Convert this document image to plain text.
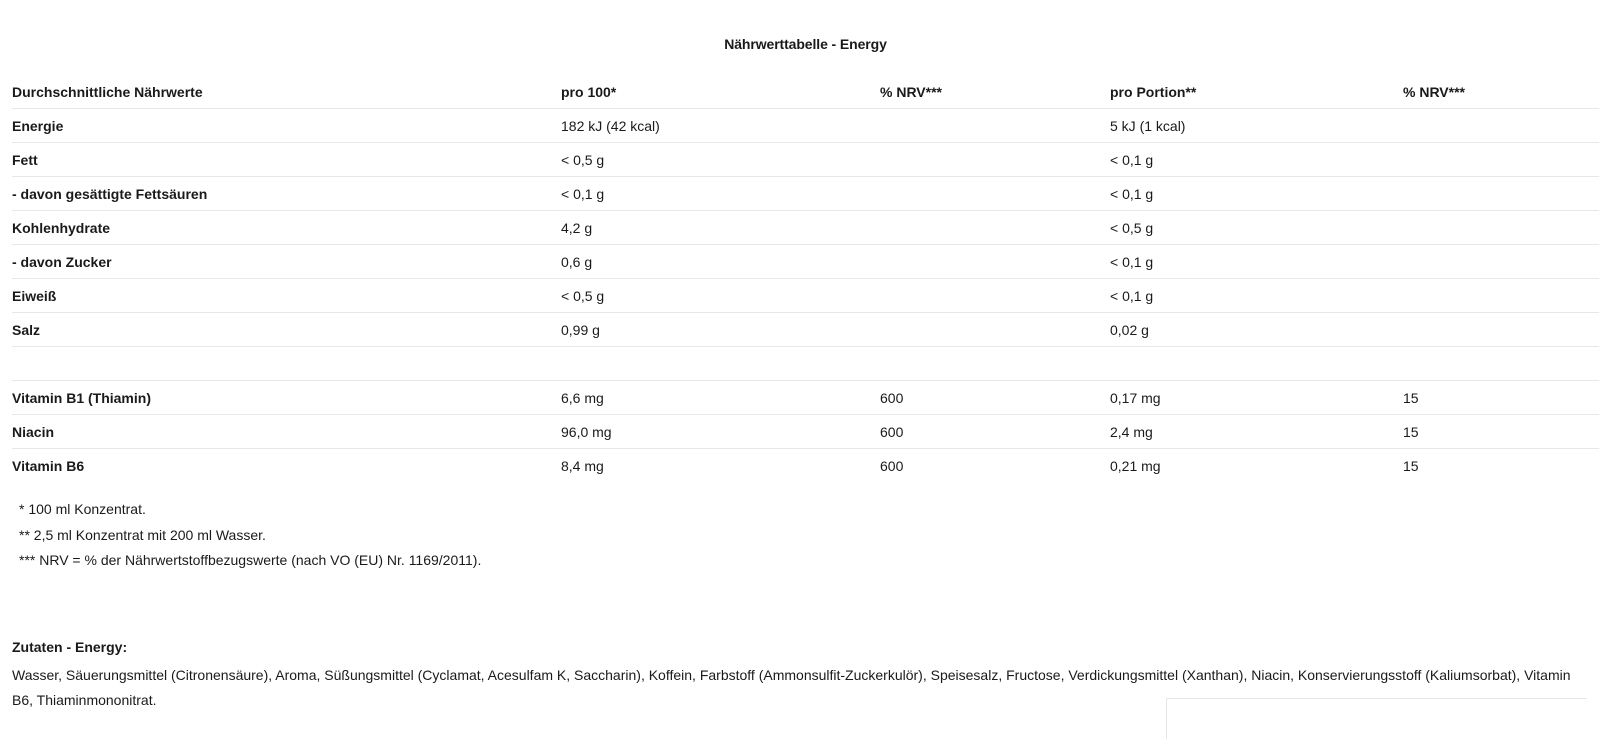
Nährwerttabelle - Energy
Durchschnittliche Nährwerte	pro 100*	% NRV***	pro Portion**	% NRV***
Energie	182 kJ (42 kcal)		5 kJ (1 kcal)	
Fett	< 0,5 g		< 0,1 g	
- davon gesättigte Fettsäuren	< 0,1 g		< 0,1 g	
Kohlenhydrate	4,2 g		< 0,5 g	
- davon Zucker	0,6 g		< 0,1 g	
Eiweiß	< 0,5 g		< 0,1 g	
Salz	0,99 g		0,02 g	

Vitamin B1 (Thiamin)	6,6 mg	600	0,17 mg	15
Niacin	96,0 mg	600	2,4 mg	15
Vitamin B6	8,4 mg	600	0,21 mg	15
* 100 ml Konzentrat.
** 2,5 ml Konzentrat mit 200 ml Wasser.
*** NRV = % der Nährwertstoffbezugswerte (nach VO (EU) Nr. 1169/2011).
Zutaten - Energy:
Wasser, Säuerungsmittel (Citronensäure), Aroma, Süßungsmittel (Cyclamat, Acesulfam K, Saccharin), Koffein, Farbstoff (Ammonsulfit-Zuckerkulör), Speisesalz, Fructose, Verdickungsmittel (Xanthan), Niacin, Konservierungsstoff (Kaliumsorbat), Vitamin B6, Thiaminmononitrat.
